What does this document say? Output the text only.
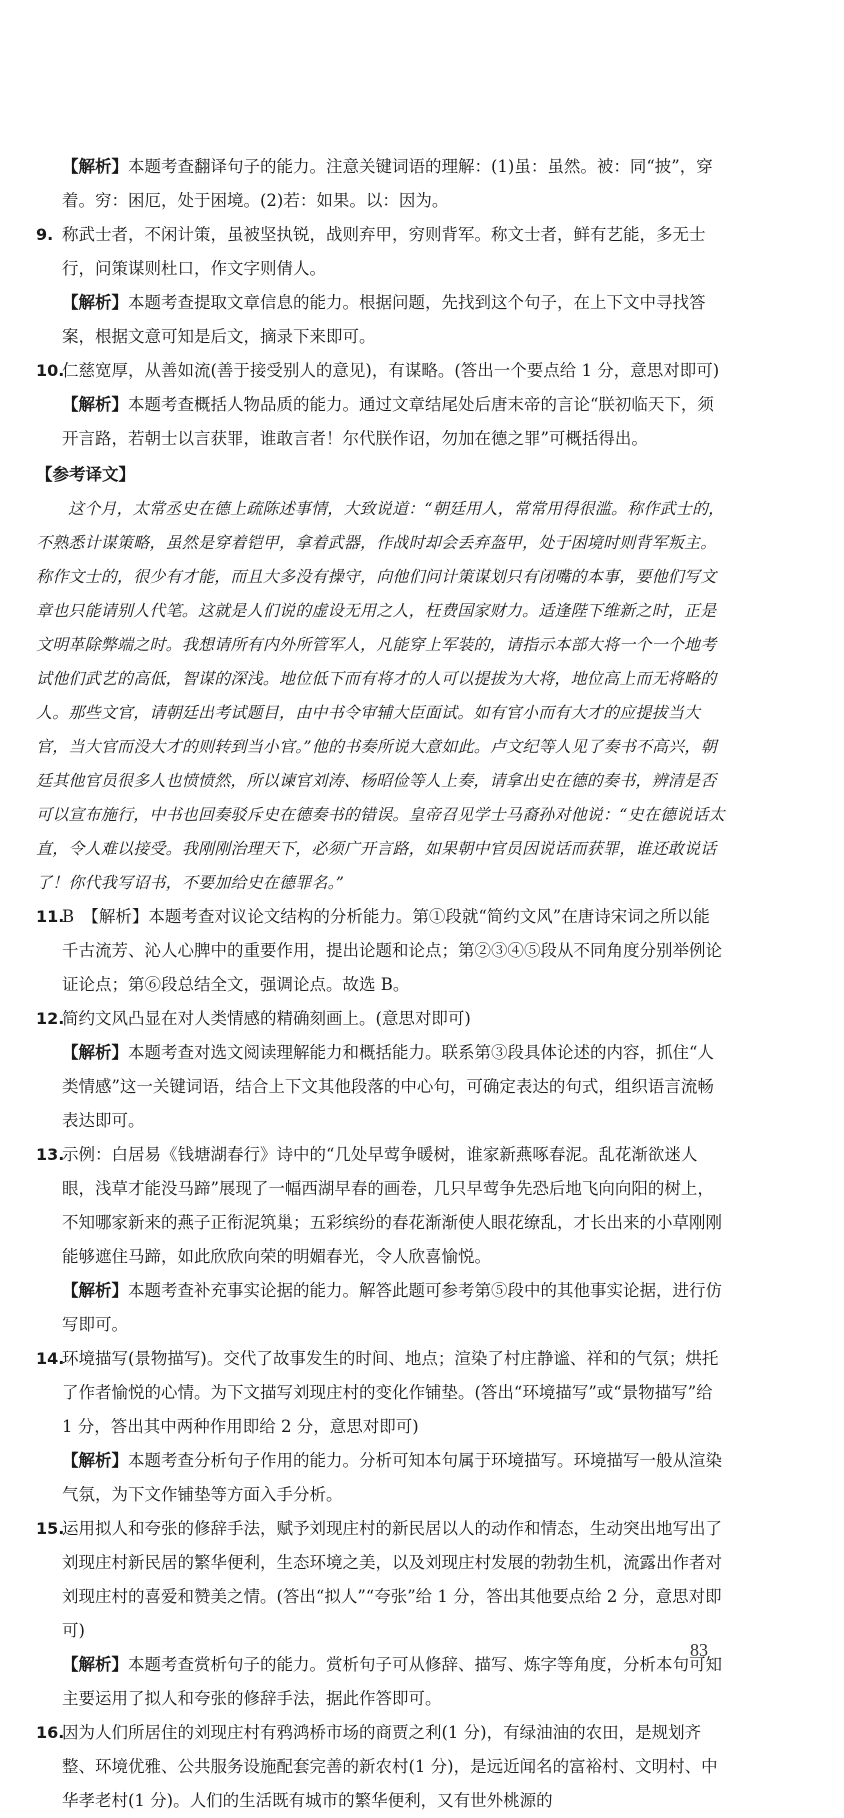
【解析】本题考查翻译句子的能力。注意关键词语的理解：(1)虽：虽然。被：同“披”，穿着。穷：困厄，处于困境。(2)若：如果。以：因为。

9. 称武士者，不闲计策，虽被坚执锐，战则弃甲，穷则背军。称文士者，鲜有艺能，多无士行，问策谋则杜口，作文字则倩人。

【解析】本题考查提取文章信息的能力。根据问题，先找到这个句子，在上下文中寻找答案，根据文意可知是后文，摘录下来即可。

10.
仁慈宽厚，从善如流(善于接受别人的意见)，有谋略。(答出一个要点给 1 分，意思对即可)

【解析】本题考查概括人物品质的能力。通过文章结尾处后唐末帝的言论“朕初临天下，须开言路，若朝士以言获罪，谁敢言者！尔代朕作诏，勿加在德之罪”可概括得出。

【参考译文】

这个月，太常丞史在德上疏陈述事情，大致说道：“朝廷用人，常常用得很滥。称作武士的，不熟悉计谋策略，虽然是穿着铠甲，拿着武器，作战时却会丢弃盔甲，处于困境时则背军叛主。称作文士的，很少有才能，而且大多没有操守，向他们问计策谋划只有闭嘴的本事，要他们写文章也只能请别人代笔。这就是人们说的虚设无用之人，枉费国家财力。适逢陛下维新之时，正是文明革除弊端之时。我想请所有内外所管军人，凡能穿上军装的，请指示本部大将一个一个地考试他们武艺的高低，智谋的深浅。地位低下而有将才的人可以提拔为大将，地位高上而无将略的人。那些文官，请朝廷出考试题目，由中书令审辅大臣面试。如有官小而有大才的应提拔当大官，当大官而没大才的则转到当小官。”他的书奏所说大意如此。卢文纪等人见了奏书不高兴，朝廷其他官员很多人也愤愤然，所以谏官刘涛、杨昭俭等人上奏，请拿出史在德的奏书，辨清是否可以宣布施行，中书也回奏驳斥史在德奏书的错误。皇帝召见学士马裔孙对他说：“史在德说话太直，令人难以接受。我刚刚治理天下，必须广开言路，如果朝中官员因说话而获罪，谁还敢说话了！你代我写诏书，不要加给史在德罪名。”

11.
B　【解析】本题考查对议论文结构的分析能力。第①段就“简约文风”在唐诗宋词之所以能千古流芳、沁人心脾中的重要作用，提出论题和论点；第②③④⑤段从不同角度分别举例论证论点；第⑥段总结全文，强调论点。故选 B。

12.
简约文风凸显在对人类情感的精确刻画上。(意思对即可)

【解析】本题考查对选文阅读理解能力和概括能力。联系第③段具体论述的内容，抓住“人类情感”这一关键词语，结合上下文其他段落的中心句，可确定表达的句式，组织语言流畅表达即可。

13.
示例：白居易《钱塘湖春行》诗中的“几处早莺争暖树，谁家新燕啄春泥。乱花渐欲迷人眼，浅草才能没马蹄”展现了一幅西湖早春的画卷，几只早莺争先恐后地飞向向阳的树上，不知哪家新来的燕子正衔泥筑巢；五彩缤纷的春花渐渐使人眼花缭乱，才长出来的小草刚刚能够遮住马蹄，如此欣欣向荣的明媚春光，令人欣喜愉悦。

【解析】本题考查补充事实论据的能力。解答此题可参考第⑤段中的其他事实论据，进行仿写即可。

14.
环境描写(景物描写)。交代了故事发生的时间、地点；渲染了村庄静谧、祥和的气氛；烘托了作者愉悦的心情。为下文描写刘现庄村的变化作铺垫。(答出“环境描写”或“景物描写”给 1 分，答出其中两种作用即给 2 分，意思对即可)

【解析】本题考查分析句子作用的能力。分析可知本句属于环境描写。环境描写一般从渲染气氛，为下文作铺垫等方面入手分析。

15.
运用拟人和夸张的修辞手法，赋予刘现庄村的新民居以人的动作和情态，生动突出地写出了刘现庄村新民居的繁华便利，生态环境之美，以及刘现庄村发展的勃勃生机，流露出作者对刘现庄村的喜爱和赞美之情。(答出“拟人”“夸张”给 1 分，答出其他要点给 2 分，意思对即可)

【解析】本题考查赏析句子的能力。赏析句子可从修辞、描写、炼字等角度，分析本句可知主要运用了拟人和夸张的修辞手法，据此作答即可。

16.
因为人们所居住的刘现庄村有鸦鸿桥市场的商贾之利(1 分)，有绿油油的农田，是规划齐整、环境优雅、公共服务设施配套完善的新农村(1 分)，是远近闻名的富裕村、文明村、中华孝老村(1 分)。人们的生活既有城市的繁华便利，又有世外桃源的

83
